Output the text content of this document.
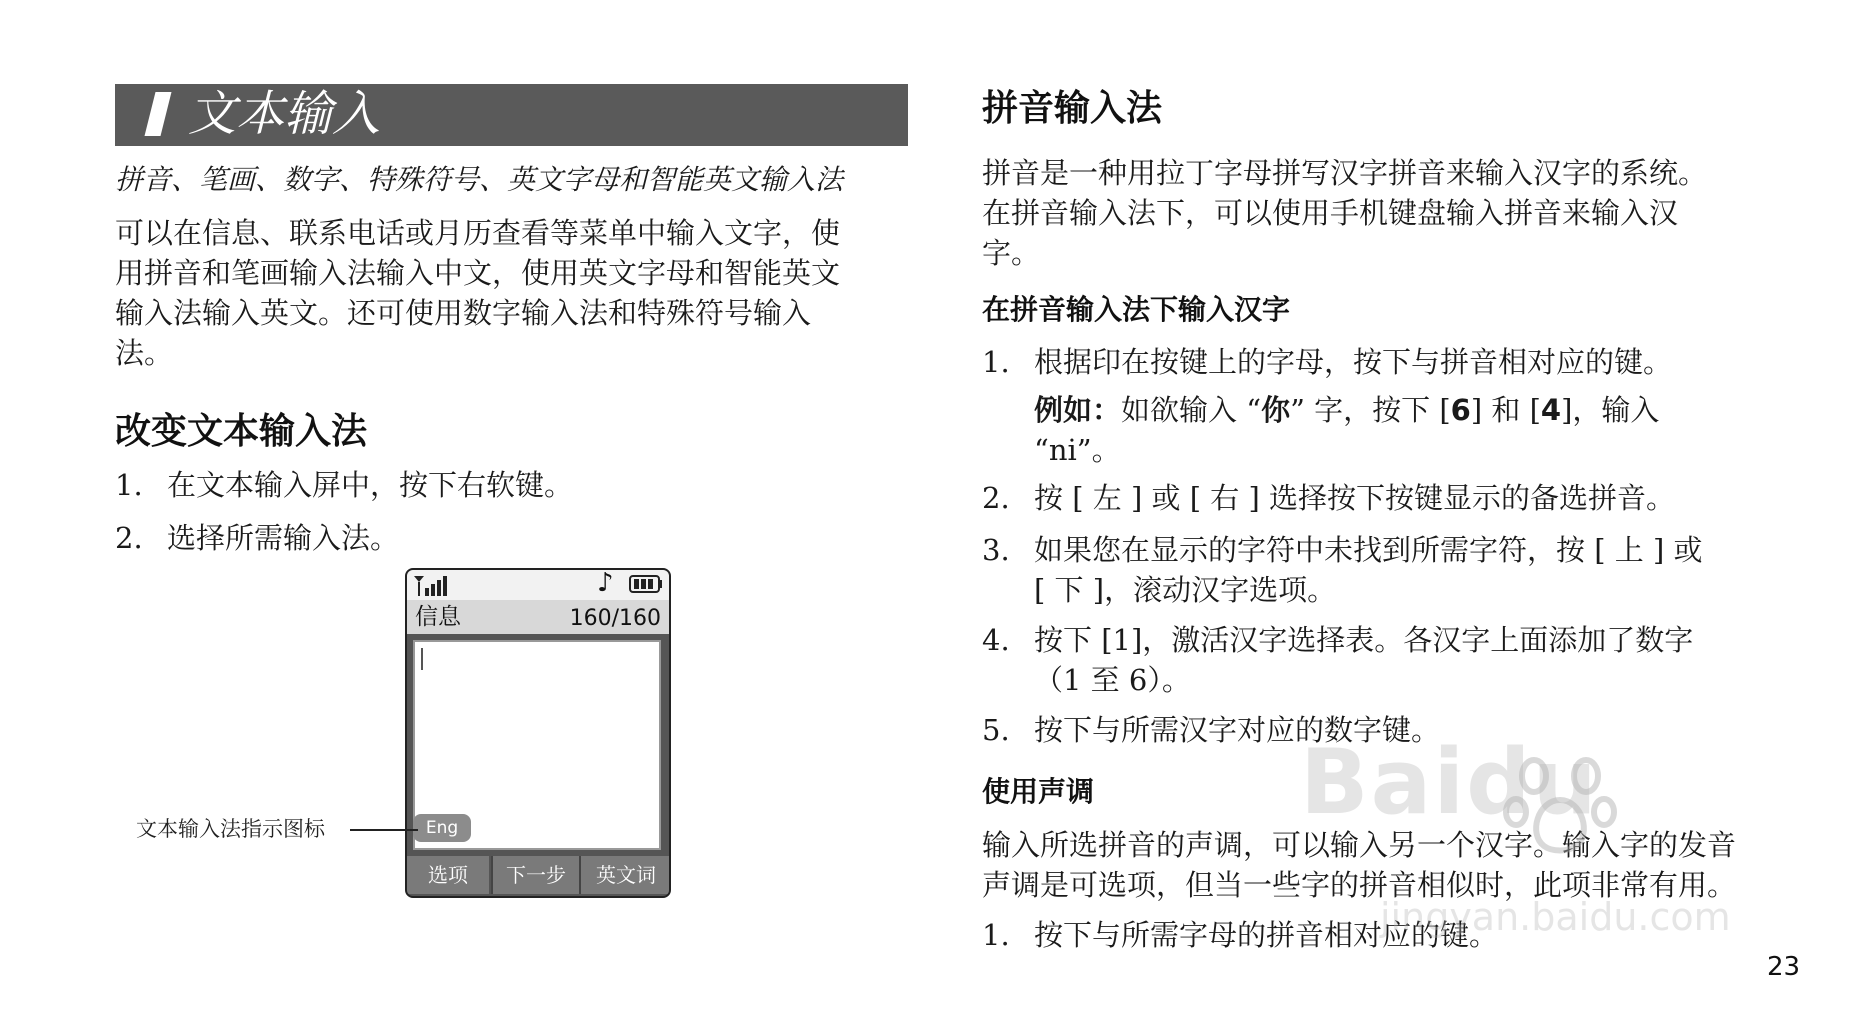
文本输入
拼音、笔画、数字、特殊符号、英文字母和智能英文输入法
可以在信息、联系电话或月历查看等菜单中输入文字，使
用拼音和笔画输入法输入中文，使用英文字母和智能英文
输入法输入英文。还可使用数字输入法和特殊符号输入
法。
改变文本输入法
1. 在文本输入屏中，按下右软键。
2. 选择所需输入法。
♪
信息	160/160
Eng
选项	下一步	英文词
文本输入法指示图标
拼音输入法
拼音是一种用拉丁字母拼写汉字拼音来输入汉字的系统。
在拼音输入法下，可以使用手机键盘输入拼音来输入汉
字。
在拼音输入法下输入汉字
1. 根据印在按键上的字母，按下与拼音相对应的键。
例如：如欲输入 “你” 字，按下 [6] 和 [4]，输入
“ni”。
2. 按 [ 左 ] 或 [ 右 ] 选择按下按键显示的备选拼音。
3. 如果您在显示的字符中未找到所需字符，按 [ 上 ] 或
[ 下 ]，滚动汉字选项。
4. 按下 [1]，激活汉字选择表。各汉字上面添加了数字
（1 至 6）。
5. 按下与所需汉字对应的数字键。
使用声调
输入所选拼音的声调，可以输入另一个汉字。输入字的发音
声调是可选项，但当一些字的拼音相似时，此项非常有用。
1. 按下与所需字母的拼音相对应的键。
Baidu
jingyan.baidu.com
23
